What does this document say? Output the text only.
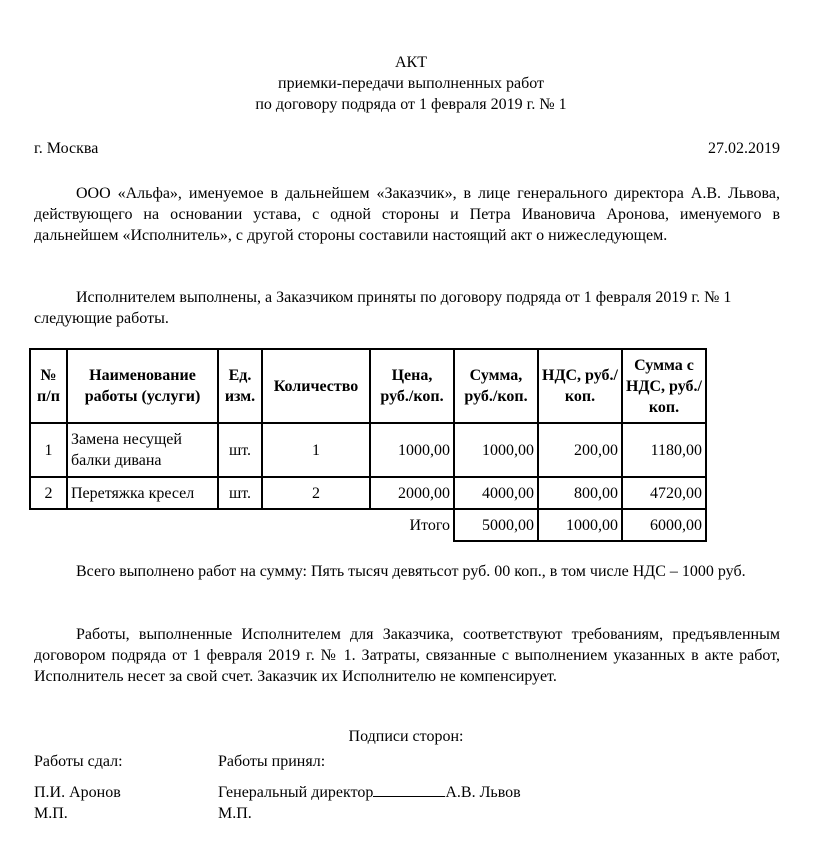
АКТ
приемки-передачи выполненных работ
по договору подряда от 1 февраля 2019 г. № 1
г. Москва	27.02.2019

ООО «Альфа», именуемое в дальнейшем «Заказчик», в лице генерального директора А.В. Львова, действующего на основании устава, с одной стороны и Петра Ивановича Аронова, именуемого в дальнейшем «Исполнитель», с другой стороны составили настоящий акт о нижеследующем.

Исполнителем выполнены, а Заказчиком приняты по договору подряда от 1 февраля 2019 г. № 1 следующие работы.

№ п/п	Наименование работы (услуги)	Ед. изм.	Количество	Цена, руб./коп.	Сумма, руб./коп.	НДС, руб./коп.	Сумма с НДС, руб./коп.
1	Замена несущей балки дивана	шт.	1	1000,00	1000,00	200,00	1180,00
2	Перетяжка кресел	шт.	2	2000,00	4000,00	800,00	4720,00
				Итого	5000,00	1000,00	6000,00

Всего выполнено работ на сумму: Пять тысяч девятьсот руб. 00 коп., в том числе НДС – 1000 руб.

Работы, выполненные Исполнителем для Заказчика, соответствуют требованиям, предъявленным договором подряда от 1 февраля 2019 г. № 1. Затраты, связанные с выполнением указанных в акте работ, Исполнитель несет за свой счет. Заказчик их Исполнителю не компенсирует.

Подписи сторон:
Работы сдал:	Работы принял:
П.И. Аронов
М.П.
Генеральный директор	А.В. Львов
М.П.
